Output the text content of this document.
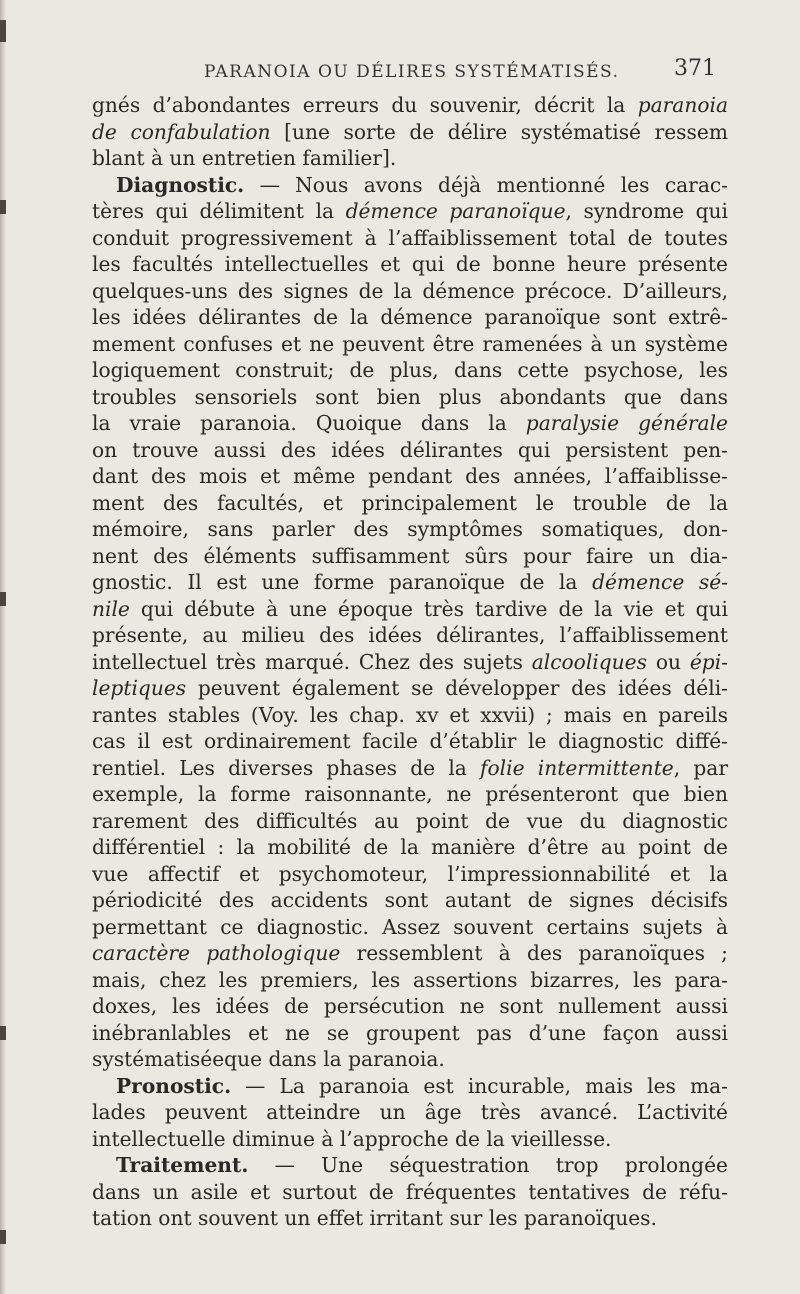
PARANOIA OU DÉLIRES SYSTÉMATISÉS. 371
gnés d’abondantes erreurs du souvenir, décrit la paranoia
de confabulation [une sorte de délire systématisé ressem
blant à un entretien familier].
Diagnostic. — Nous avons déjà mentionné les carac-
tères qui délimitent la démence paranoïque, syndrome qui
conduit progressivement à l’affaiblissement total de toutes
les facultés intellectuelles et qui de bonne heure présente
quelques-uns des signes de la démence précoce. D’ailleurs,
les idées délirantes de la démence paranoïque sont extrê-
mement confuses et ne peuvent être ramenées à un système
logiquement construit; de plus, dans cette psychose, les
troubles sensoriels sont bien plus abondants que dans
la vraie paranoia. Quoique dans la paralysie générale
on trouve aussi des idées délirantes qui persistent pen-
dant des mois et même pendant des années, l’affaiblisse-
ment des facultés, et principalement le trouble de la
mémoire, sans parler des symptômes somatiques, don-
nent des éléments suffisamment sûrs pour faire un dia-
gnostic. Il est une forme paranoïque de la démence sé-
nile qui débute à une époque très tardive de la vie et qui
présente, au milieu des idées délirantes, l’affaiblissement
intellectuel très marqué. Chez des sujets alcooliques ou épi-
leptiques peuvent également se développer des idées déli-
rantes stables (Voy. les chap. xv et xxvii) ; mais en pareils
cas il est ordinairement facile d’établir le diagnostic diffé-
rentiel. Les diverses phases de la folie intermittente, par
exemple, la forme raisonnante, ne présenteront que bien
rarement des difficultés au point de vue du diagnostic
différentiel : la mobilité de la manière d’être au point de
vue affectif et psychomoteur, l’impressionnabilité et la
périodicité des accidents sont autant de signes décisifs
permettant ce diagnostic. Assez souvent certains sujets à
caractère pathologique ressemblent à des paranoïques ;
mais, chez les premiers, les assertions bizarres, les para-
doxes, les idées de persécution ne sont nullement aussi
inébranlables et ne se groupent pas d’une façon aussi
systématiséeque dans la paranoia.
Pronostic. — La paranoia est incurable, mais les ma-
lades peuvent atteindre un âge très avancé. L’activité
intellectuelle diminue à l’approche de la vieillesse.
Traitement. — Une séquestration trop prolongée
dans un asile et surtout de fréquentes tentatives de réfu-
tation ont souvent un effet irritant sur les paranoïques.
